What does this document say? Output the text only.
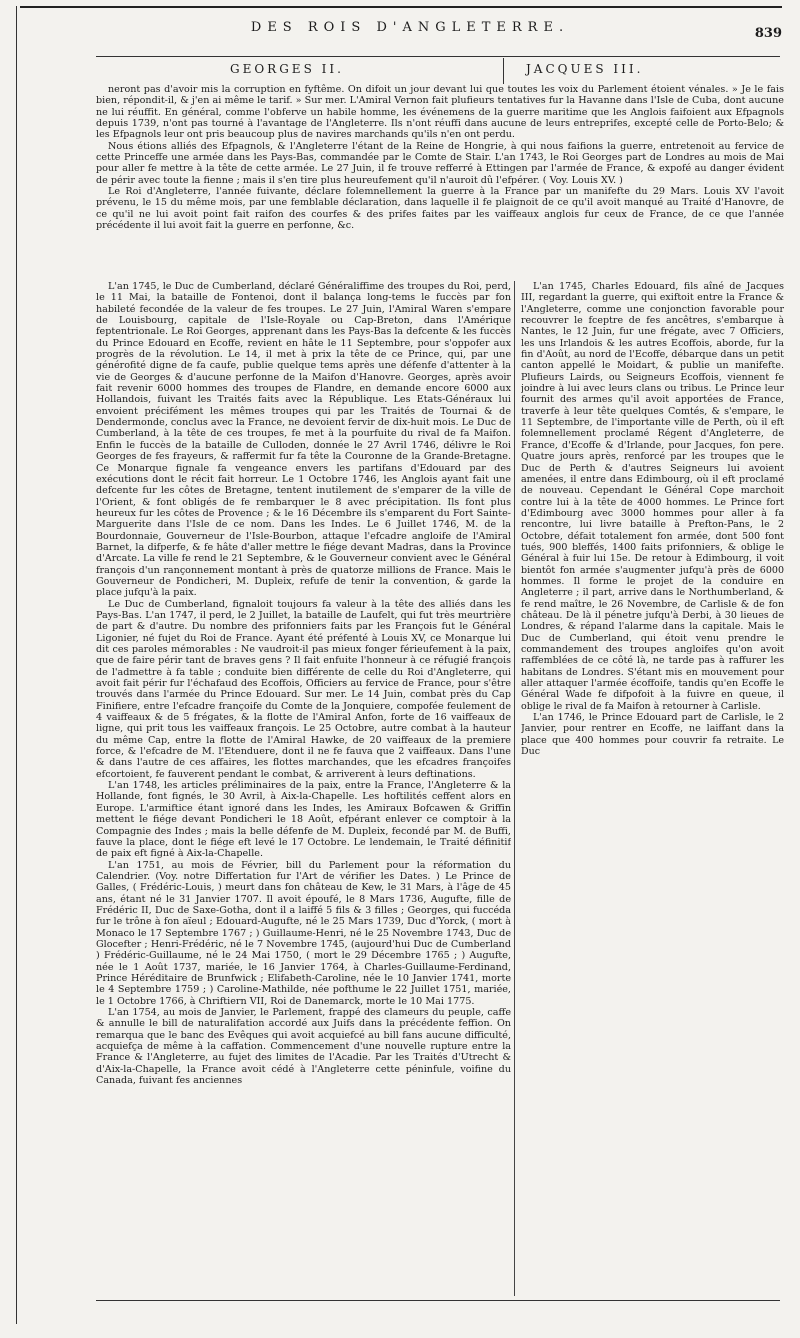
DES ROIS D'ANGLETERRE.	839
GEORGES II.	JACQUES III.

neront pas d'avoir mis la corruption en fyftême. On difoit un jour devant lui que toutes les voix du Parlement étoient vénales. » Je le fais bien, répondit-il, & j'en ai même le tarif. » Sur mer. L'Amiral Vernon fait plufieurs tentatives fur la Havanne dans l'Isle de Cuba, dont aucune ne lui réuffit. En général, comme l'obferve un habile homme, les événemens de la guerre maritime que les Anglois faifoient aux Efpagnols depuis 1739, n'ont pas tourné à l'avantage de l'Angleterre. Ils n'ont réuffi dans aucune de leurs entreprifes, excepté celle de Porto-Belo; & les Efpagnols leur ont pris beaucoup plus de navires marchands qu'ils n'en ont perdu.

Nous étions alliés des Efpagnols, & l'Angleterre l'étant de la Reine de Hongrie, à qui nous faifions la guerre, entretenoit au fervice de cette Princeffe une armée dans les Pays-Bas, commandée par le Comte de Stair. L'an 1743, le Roi Georges part de Londres au mois de Mai pour aller fe mettre à la tête de cette armée. Le 27 Juin, il fe trouve refferré à Ettingen par l'armée de France, & expofé au danger évident de périr avec toute la fienne ; mais il s'en tire plus heureufement qu'il n'auroit dû l'efpérer. ( Voy. Louis XV. )

Le Roi d'Angleterre, l'année fuivante, déclare folemnellement la guerre à la France par un manifefte du 29 Mars. Louis XV l'avoit prévenu, le 15 du même mois, par une femblable déclaration, dans laquelle il fe plaignoit de ce qu'il avoit manqué au Traité d'Hanovre, de ce qu'il ne lui avoit point fait raifon des courfes & des prifes faites par les vaiffeaux anglois fur ceux de France, de ce que l'année précédente il lui avoit fait la guerre en perfonne, &c.

L'an 1745, le Duc de Cumberland, déclaré Généraliffime des troupes du Roi, perd, le 11 Mai, la bataille de Fontenoi, dont il balança long-tems le fuccès par fon habileté fecondée de la valeur de fes troupes. Le 27 Juin, l'Amiral Waren s'empare de Louisbourg, capitale de l'Isle-Royale ou Cap-Breton, dans l'Amérique feptentrionale. Le Roi Georges, apprenant dans les Pays-Bas la defcente & les fuccès du Prince Edouard en Ecoffe, revient en hâte le 11 Septembre, pour s'oppofer aux progrès de la révolution. Le 14, il met à prix la tête de ce Prince, qui, par une générofité digne de fa caufe, publie quelque tems après une défenfe d'attenter à la vie de Georges & d'aucune perfonne de la Maifon d'Hanovre. Georges, après avoir fait revenir 6000 hommes des troupes de Flandre, en demande encore 6000 aux Hollandois, fuivant les Traités faits avec la République. Les Etats-Généraux lui envoient précifément les mêmes troupes qui par les Traités de Tournai & de Dendermonde, conclus avec la France, ne devoient fervir de dix-huit mois. Le Duc de Cumberland, à la tête de ces troupes, fe met à la pourfuite du rival de fa Maifon. Enfin le fuccès de la bataille de Culloden, donnée le 27 Avril 1746, délivre le Roi Georges de fes frayeurs, & raffermit fur fa tête la Couronne de la Grande-Bretagne. Ce Monarque fignale fa vengeance envers les partifans d'Edouard par des exécutions dont le récit fait horreur. Le 1 Octobre 1746, les Anglois ayant fait une defcente fur les côtes de Bretagne, tentent inutilement de s'emparer de la ville de l'Orient, & font obligés de fe rembarquer le 8 avec précipitation. Ils font plus heureux fur les côtes de Provence ; & le 16 Décembre ils s'emparent du Fort Sainte-Marguerite dans l'Isle de ce nom. Dans les Indes. Le 6 Juillet 1746, M. de la Bourdonnaie, Gouverneur de l'Isle-Bourbon, attaque l'efcadre angloife de l'Amiral Barnet, la difperfe, & fe hâte d'aller mettre le fiége devant Madras, dans la Province d'Arcate. La ville fe rend le 21 Septembre, & le Gouverneur convient avec le Général françois d'un rançonnement montant à près de quatorze millions de France. Mais le Gouverneur de Pondicheri, M. Dupleix, refufe de tenir la convention, & garde la place jufqu'à la paix.

Le Duc de Cumberland, fignaloit toujours fa valeur à la tête des alliés dans les Pays-Bas. L'an 1747, il perd, le 2 Juillet, la bataille de Laufelt, qui fut très meurtrière de part & d'autre. Du nombre des prifonniers faits par les François fut le Général Ligonier, né fujet du Roi de France. Ayant été préfenté à Louis XV, ce Monarque lui dit ces paroles mémorables : Ne vaudroit-il pas mieux fonger férieufement à la paix, que de faire périr tant de braves gens ? Il fait enfuite l'honneur à ce réfugié françois de l'admettre à fa table ; conduite bien différente de celle du Roi d'Angleterre, qui avoit fait périr fur l'échafaud des Ecoffois, Officiers au fervice de France, pour s'être trouvés dans l'armée du Prince Edouard. Sur mer. Le 14 Juin, combat près du Cap Finifiere, entre l'efcadre françoife du Comte de la Jonquiere, compofée feulement de 4 vaiffeaux & de 5 frégates, & la flotte de l'Amiral Anfon, forte de 16 vaiffeaux de ligne, qui prit tous les vaiffeaux françois. Le 25 Octobre, autre combat à la hauteur du même Cap, entre la flotte de l'Amiral Hawke, de 20 vaiffeaux de la premiere force, & l'efcadre de M. l'Etenduere, dont il ne fe fauva que 2 vaiffeaux. Dans l'une & dans l'autre de ces affaires, les flottes marchandes, que les efcadres françoifes efcortoient, fe fauverent pendant le combat, & arriverent à leurs deftinations.

L'an 1748, les articles préliminaires de la paix, entre la France, l'Angleterre & la Hollande, font fignés, le 30 Avril, à Aix-la-Chapelle. Les hoftilités ceffent alors en Europe. L'armiftice étant ignoré dans les Indes, les Amiraux Bofcawen & Griffin mettent le fiége devant Pondicheri le 18 Août, efpérant enlever ce comptoir à la Compagnie des Indes ; mais la belle défenfe de M. Dupleix, fecondé par M. de Buffi, fauve la place, dont le fiége eft levé le 17 Octobre. Le lendemain, le Traité définitif de paix eft figné à Aix-la-Chapelle.

L'an 1751, au mois de Février, bill du Parlement pour la réformation du Calendrier. (Voy. notre Differtation fur l'Art de vérifier les Dates. ) Le Prince de Galles, ( Frédéric-Louis, ) meurt dans fon château de Kew, le 31 Mars, à l'âge de 45 ans, étant né le 31 Janvier 1707. Il avoit époufé, le 8 Mars 1736, Augufte, fille de Frédéric II, Duc de Saxe-Gotha, dont il a laiffé 5 fils & 3 filles ; Georges, qui fuccéda fur le trône à fon aïeul ; Edouard-Augufte, né le 25 Mars 1739, Duc d'Yorck, ( mort à Monaco le 17 Septembre 1767 ; ) Guillaume-Henri, né le 25 Novembre 1743, Duc de Glocefter ; Henri-Frédéric, né le 7 Novembre 1745, (aujourd'hui Duc de Cumberland ) Frédéric-Guillaume, né le 24 Mai 1750, ( mort le 29 Décembre 1765 ; ) Augufte, née le 1 Août 1737, mariée, le 16 Janvier 1764, à Charles-Guillaume-Ferdinand, Prince Héréditaire de Brunfwick ; Elifabeth-Caroline, née le 10 Janvier 1741, morte le 4 Septembre 1759 ; ) Caroline-Mathilde, née pofthume le 22 Juillet 1751, mariée, le 1 Octobre 1766, à Chriftiern VII, Roi de Danemarck, morte le 10 Mai 1775.

L'an 1754, au mois de Janvier, le Parlement, frappé des clameurs du peuple, caffe & annulle le bill de naturalifation accordé aux Juifs dans la précédente feffion. On remarqua que le banc des Evêques qui avoit acquiefcé au bill fans aucune difficulté, acquiefça de même à la caffation. Commencement d'une nouvelle rupture entre la France & l'Angleterre, au fujet des limites de l'Acadie. Par les Traités d'Utrecht & d'Aix-la-Chapelle, la France avoit cédé à l'Angleterre cette péninfule, voifine du Canada, fuivant fes anciennes

L'an 1745, Charles Edouard, fils aîné de Jacques III, regardant la guerre, qui exiftoit entre la France & l'Angleterre, comme une conjonction favorable pour recouvrer le fceptre de fes ancêtres, s'embarque à Nantes, le 12 Juin, fur une frégate, avec 7 Officiers, les uns Irlandois & les autres Ecoffois, aborde, fur la fin d'Août, au nord de l'Ecoffe, débarque dans un petit canton appellé le Moidart, & publie un manifefte. Plufieurs Lairds, ou Seigneurs Ecoffois, viennent fe joindre à lui avec leurs clans ou tribus. Le Prince leur fournit des armes qu'il avoit apportées de France, traverfe à leur tête quelques Comtés, & s'empare, le 11 Septembre, de l'importante ville de Perth, où il eft folemnellement proclamé Régent d'Angleterre, de France, d'Ecoffe & d'Irlande, pour Jacques, fon pere. Quatre jours après, renforcé par les troupes que le Duc de Perth & d'autres Seigneurs lui avoient amenées, il entre dans Edimbourg, où il eft proclamé de nouveau. Cependant le Général Cope marchoit contre lui à la tête de 4000 hommes. Le Prince fort d'Edimbourg avec 3000 hommes pour aller à fa rencontre, lui livre bataille à Prefton-Pans, le 2 Octobre, défait totalement fon armée, dont 500 font tués, 900 bleffés, 1400 faits prifonniers, & oblige le Général à fuir lui 15e. De retour à Edimbourg, il voit bientôt fon armée s'augmenter jufqu'à près de 6000 hommes. Il forme le projet de la conduire en Angleterre ; il part, arrive dans le Northumberland, & fe rend maître, le 26 Novembre, de Carlisle & de fon château. De là il pénetre jufqu'à Derbi, à 30 lieues de Londres, & répand l'alarme dans la capitale. Mais le Duc de Cumberland, qui étoit venu prendre le commandement des troupes angloifes qu'on avoit raffemblées de ce côté là, ne tarde pas à raffurer les habitans de Londres. S'étant mis en mouvement pour aller attaquer l'armée écoffoife, tandis qu'en Ecoffe le Général Wade fe difpofoit à la fuivre en queue, il oblige le rival de fa Maifon à retourner à Carlisle.

L'an 1746, le Prince Edouard part de Carlisle, le 2 Janvier, pour rentrer en Ecoffe, ne laiffant dans la place que 400 hommes pour couvrir fa retraite. Le Duc
